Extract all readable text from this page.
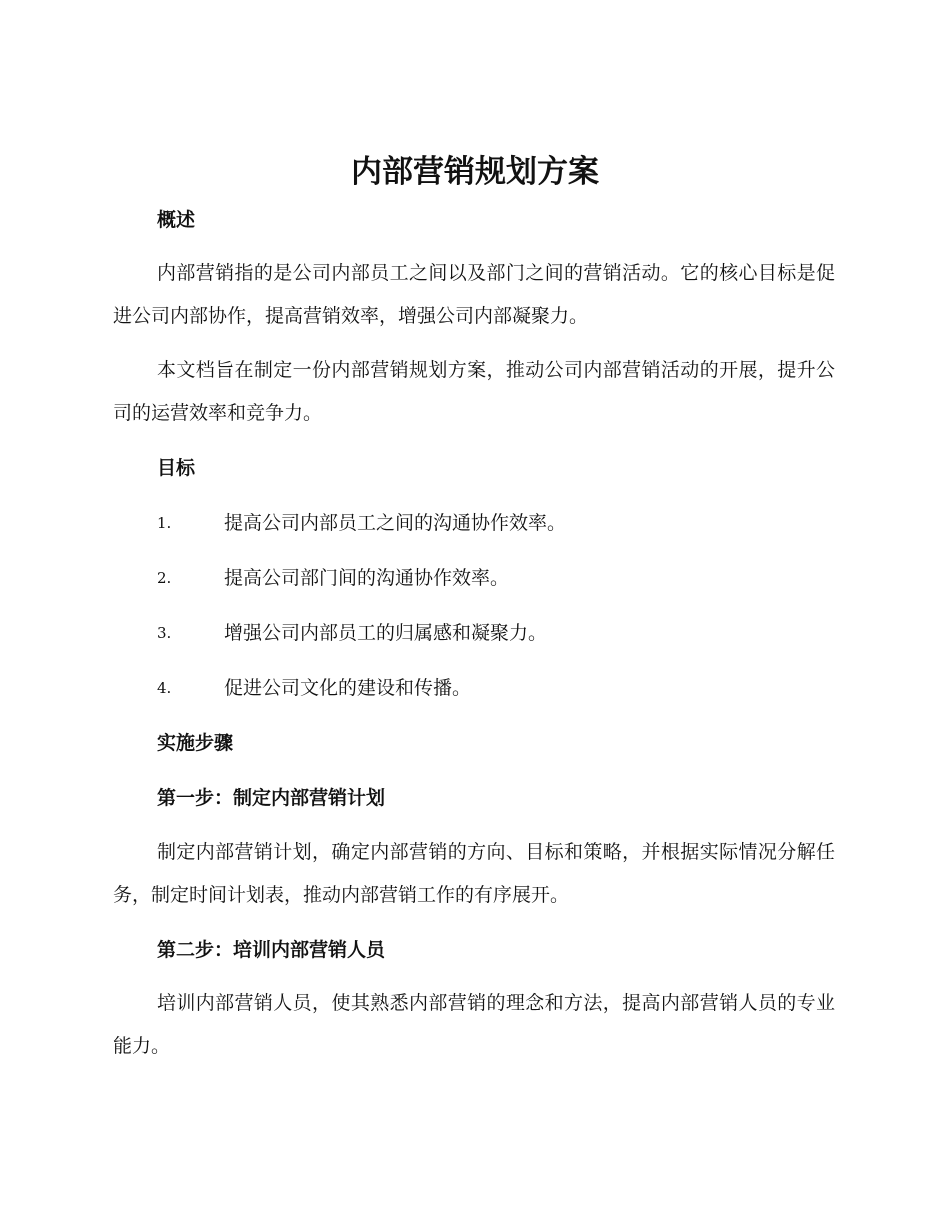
内部营销规划方案
概述

内部营销指的是公司内部员工之间以及部门之间的营销活动。它的核心目标是促进公司内部协作，提高营销效率，增强公司内部凝聚力。

本文档旨在制定一份内部营销规划方案，推动公司内部营销活动的开展，提升公司的运营效率和竞争力。

目标
1.	提高公司内部员工之间的沟通协作效率。
2.	提高公司部门间的沟通协作效率。
3.	增强公司内部员工的归属感和凝聚力。
4.	促进公司文化的建设和传播。
实施步骤
第一步：制定内部营销计划

制定内部营销计划，确定内部营销的方向、目标和策略，并根据实际情况分解任务，制定时间计划表，推动内部营销工作的有序展开。

第二步：培训内部营销人员

培训内部营销人员，使其熟悉内部营销的理念和方法，提高内部营销人员的专业能力。
